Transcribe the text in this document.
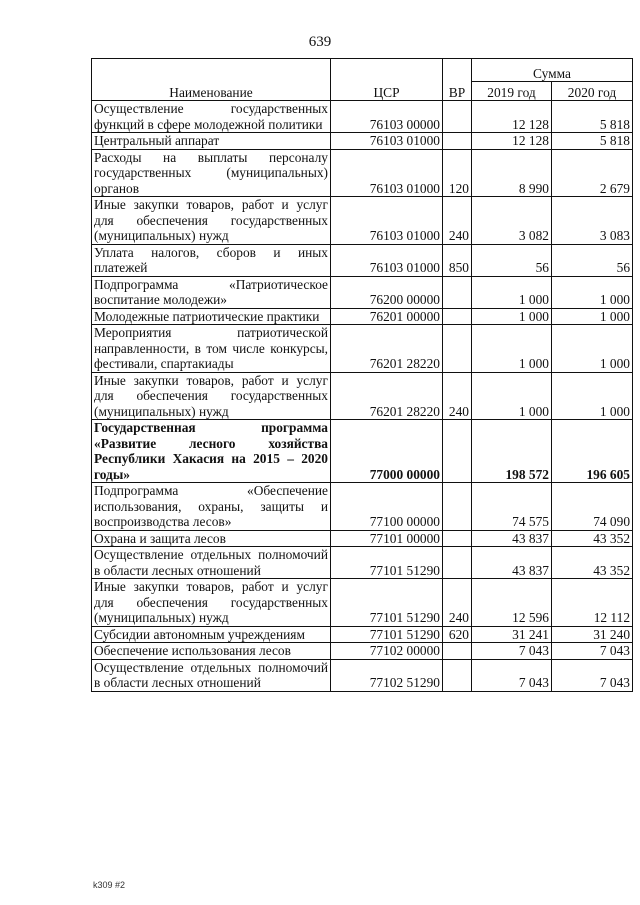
639
Наименование	ЦСР	ВР	Сумма	
			2019 год	2020 год
Осуществление государственных функций в сфере молодежной политики	76103 00000		12 128	5 818
Центральный аппарат	76103 01000		12 128	5 818
Расходы на выплаты персоналу государственных (муниципальных) органов	76103 01000	120	8 990	2 679
Иные закупки товаров, работ и услуг для обеспечения государственных (муниципальных) нужд	76103 01000	240	3 082	3 083
Уплата налогов, сборов и иных платежей	76103 01000	850	56	56
Подпрограмма «Патриотическое воспитание молодежи»	76200 00000		1 000	1 000
Молодежные патриотические практики	76201 00000		1 000	1 000
Мероприятия патриотической направленности, в том числе конкурсы, фестивали, спартакиады	76201 28220		1 000	1 000
Иные закупки товаров, работ и услуг для обеспечения государственных (муниципальных) нужд	76201 28220	240	1 000	1 000
Государственная программа «Развитие лесного хозяйства Республики Хакасия на 2015 – 2020 годы»	77000 00000		198 572	196 605
Подпрограмма «Обеспечение использования, охраны, защиты и воспроизводства лесов»	77100 00000		74 575	74 090
Охрана и защита лесов	77101 00000		43 837	43 352
Осуществление отдельных полномочий в области лесных отношений	77101 51290		43 837	43 352
Иные закупки товаров, работ и услуг для обеспечения государственных (муниципальных) нужд	77101 51290	240	12 596	12 112
Субсидии автономным учреждениям	77101 51290	620	31 241	31 240
Обеспечение использования лесов	77102 00000		7 043	7 043
Осуществление отдельных полномочий в области лесных отношений	77102 51290		7 043	7 043
k309 #2
